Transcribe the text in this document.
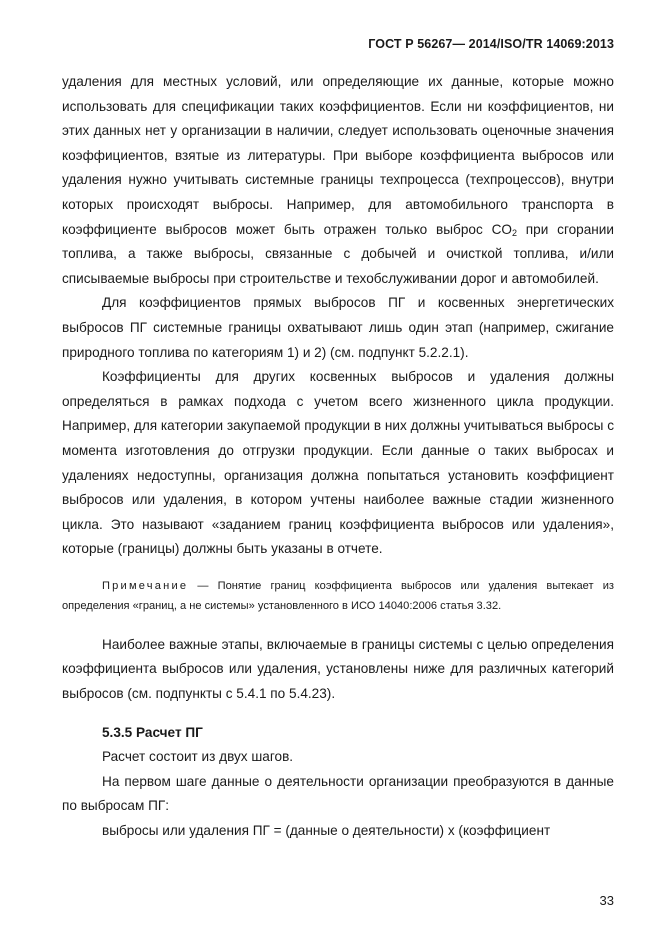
ГОСТ Р 56267— 2014/ISO/TR 14069:2013

удаления для местных условий, или определяющие их данные, которые можно использовать для спецификации таких коэффициентов. Если ни коэффициентов, ни этих данных нет у организации в наличии, следует использовать оценочные значения коэффициентов, взятые из литературы. При выборе коэффициента выбросов или удаления нужно учитывать системные границы техпроцесса (техпроцессов), внутри которых происходят выбросы. Например, для автомобильного транспорта в коэффициенте выбросов может быть отражен только выброс $CO_2$ при сгорании топлива, а также выбросы, связанные с добычей и очисткой топлива, и/или списываемые выбросы при строительстве и техобслуживании дорог и автомобилей.

Для коэффициентов прямых выбросов ПГ и косвенных энергетических выбросов ПГ системные границы охватывают лишь один этап (например, сжигание природного топлива по категориям 1) и 2) (см. подпункт 5.2.2.1).

Коэффициенты для других косвенных выбросов и удаления должны определяться в рамках подхода с учетом всего жизненного цикла продукции. Например, для категории закупаемой продукции в них должны учитываться выбросы с момента изготовления до отгрузки продукции. Если данные о таких выбросах и удалениях недоступны, организация должна попытаться установить коэффициент выбросов или удаления, в котором учтены наиболее важные стадии жизненного цикла. Это называют «заданием границ коэффициента выбросов или удаления», которые (границы) должны быть указаны в отчете.

Примечание — Понятие границ коэффициента выбросов или удаления вытекает из определения «границ, а не системы» установленного в ИСО 14040:2006 статья 3.32.

Наиболее важные этапы, включаемые в границы системы с целью определения коэффициента выбросов или удаления, установлены ниже для различных категорий выбросов (см. подпункты с 5.4.1 по 5.4.23).

5.3.5 Расчет ПГ

Расчет состоит из двух шагов.

На первом шаге данные о деятельности организации преобразуются в данные по выбросам ПГ:

выбросы или удаления ПГ = (данные о деятельности) х (коэффициент

33
